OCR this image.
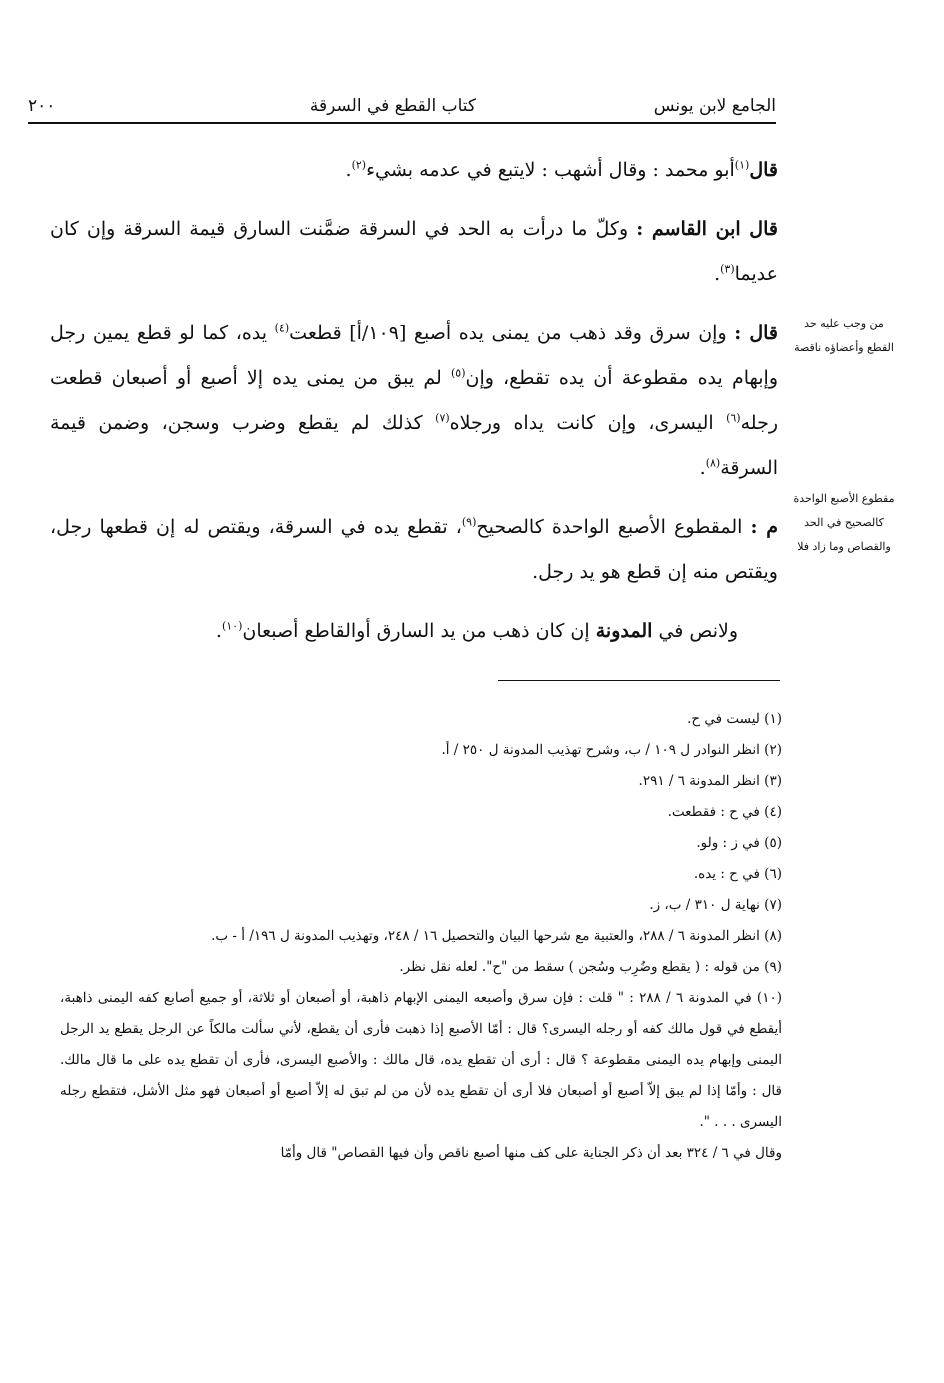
الجامع لابن يونس
كتاب القطع في السرقة
٢٠٠

قال$^{(١)}$أبو محمد : وقال أشهب : لايتبع في عدمه بشيء$^{(٢)}$.

قال ابن القاسم : وكلّ ما درأت به الحد في السرقة ضمَّنت السارق قيمة السرقة وإن كان عديما$^{(٣)}$.

قال : وإن سرق وقد ذهب من يمنى يده أصبع [١٠٩/أ] قطعت$^{(٤)}$ يده، كما لو قطع يمين رجل وإبهام يده مقطوعة أن يده تقطع، وإن$^{(٥)}$ لم يبق من يمنى يده إلا أصبع أو أصبعان قطعت رجله$^{(٦)}$ اليسرى، وإن كانت يداه ورجلاه$^{(٧)}$ كذلك لم يقطع وضرب وسجن، وضمن قيمة السرقة$^{(٨)}$.

م : المقطوع الأصبع الواحدة كالصحيح$^{(٩)}$، تقطع يده في السرقة، ويقتص له إن قطعها رجل، ويقتص منه إن قطع هو يد رجل.

ولانص في المدونة إن كان ذهب من يد السارق أوالقاطع أصبعان$^{(١٠)}$.

من وجب عليه حد
القطع وأعضاؤه ناقصة
مقطوع الأصبع الواحدة
كالصحيح في الحد
والقصاص وما زاد فلا
(١) ليست في ح.
(٢) انظر النوادر ل ١٠٩ / ب، وشرح تهذيب المدونة ل ٢٥٠ / أ.
(٣) انظر المدونة ٦ / ٢٩١.
(٤) في ح : فقطعت.
(٥) في ز : ولو.
(٦) في ح : يده.
(٧) نهاية ل ٣١٠ / ب، ز.
(٨) انظر المدونة ٦ / ٢٨٨، والعتبية مع شرحها البيان والتحصيل ١٦ / ٢٤٨، وتهذيب المدونة ل ١٩٦/ أ - ب.
(٩) من قوله : ( يقطع وضُرِب وسُجن ) سقط من "ح". لعله نقل نظر.
(١٠) في المدونة ٦ / ٢٨٨ : " قلت : فإن سرق وأصبعه اليمنى الإبهام ذاهبة، أو أصبعان أو ثلاثة، أو جميع أصابع كفه اليمنى ذاهبة، أيقطع في قول مالك كفه أو رجله اليسرى؟ قال : أمّا الأصبع إذا ذهبت فأرى أن يقطع، لأني سألت مالكاً عن الرجل يقطع يد الرجل اليمنى وإبهام يده اليمنى مقطوعة ؟ قال : أرى أن تقطع يده، قال مالك : والأصبع اليسرى، فأرى أن تقطع يده على ما قال مالك. قال : وأمّا إذا لم يبق إلاّ أصبع أو أصبعان فلا أرى أن تقطع يده لأن من لم تبق له إلاّ أصبع أو أصبعان فهو مثل الأشل، فتقطع رجله اليسرى . . . ".
وقال في ٦ / ٣٢٤ بعد أن ذكر الجناية على كف منها أصبع ناقص وأن فيها القصاص" قال وأمّا
